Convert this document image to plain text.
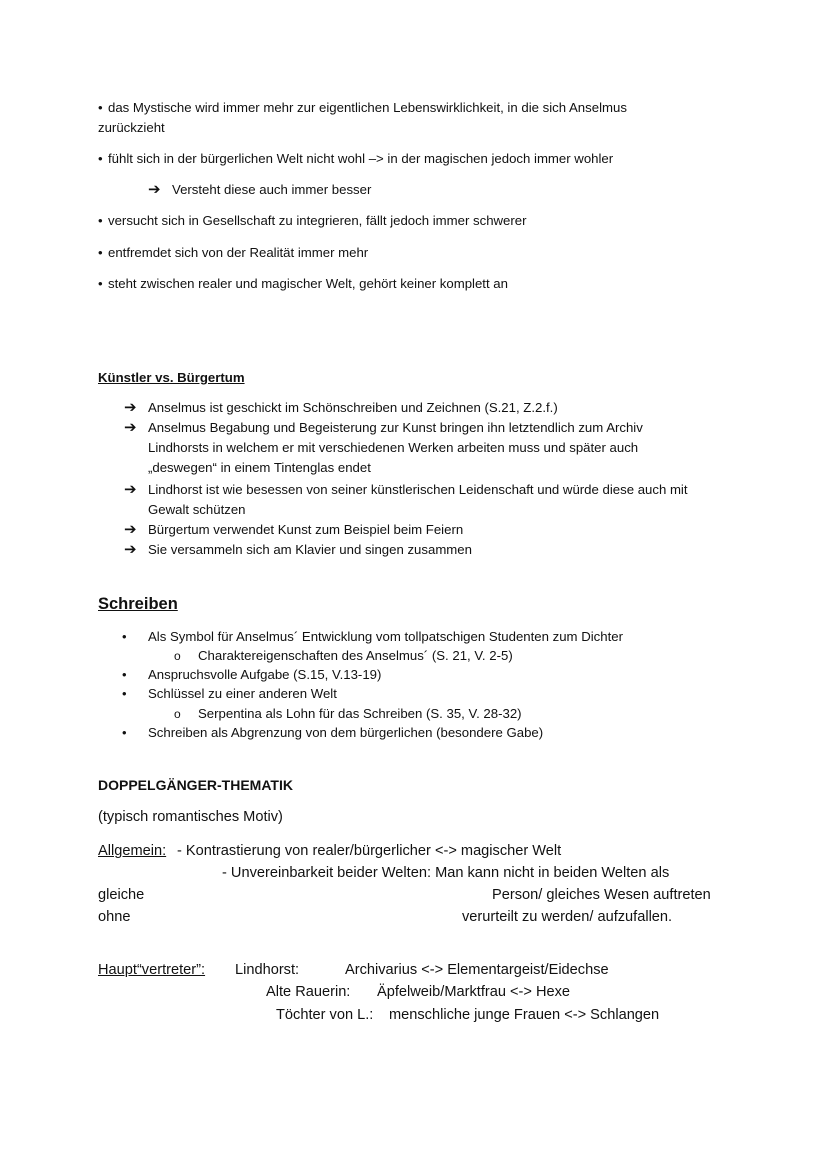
• das Mystische wird immer mehr zur eigentlichen Lebenswirklichkeit, in die sich Anselmus
zurückzieht
• fühlt sich in der bürgerlichen Welt nicht wohl –> in der magischen jedoch immer wohler
➔ Versteht diese auch immer besser
• versucht sich in Gesellschaft zu integrieren, fällt jedoch immer schwerer
• entfremdet sich von der Realität immer mehr
• steht zwischen realer und magischer Welt, gehört keiner komplett an
Künstler vs. Bürgertum
➔ Anselmus ist geschickt im Schönschreiben und Zeichnen (S.21, Z.2.f.)
➔ Anselmus Begabung und Begeisterung zur Kunst bringen ihn letztendlich zum Archiv
Lindhorsts in welchem er mit verschiedenen Werken arbeiten muss und später auch
„deswegen“ in einem Tintenglas endet
➔ Lindhorst ist wie besessen von seiner künstlerischen Leidenschaft und würde diese auch mit
Gewalt schützen
➔ Bürgertum verwendet Kunst zum Beispiel beim Feiern
➔ Sie versammeln sich am Klavier und singen zusammen
Schreiben
• Als Symbol für Anselmus´ Entwicklung vom tollpatschigen Studenten zum Dichter
o Charaktereigenschaften des Anselmus´ (S. 21, V. 2-5)
• Anspruchsvolle Aufgabe (S.15, V.13-19)
• Schlüssel zu einer anderen Welt
o Serpentina als Lohn für das Schreiben (S. 35, V. 28-32)
• Schreiben als Abgrenzung von dem bürgerlichen (besondere Gabe)
DOPPELGÄNGER-THEMATIK
(typisch romantisches Motiv)
Allgemein: - Kontrastierung von realer/bürgerlicher <-> magischer Welt
- Unvereinbarkeit beider Welten: Man kann nicht in beiden Welten als
gleiche	Person/ gleiches Wesen auftreten
ohne	verurteilt zu werden/ aufzufallen.
Haupt“vertreter”: Lindhorst:	Archivarius <-> Elementargeist/Eidechse
Alte Rauerin: Äpfelweib/Marktfrau <-> Hexe
Töchter von L.: menschliche junge Frauen <-> Schlangen
